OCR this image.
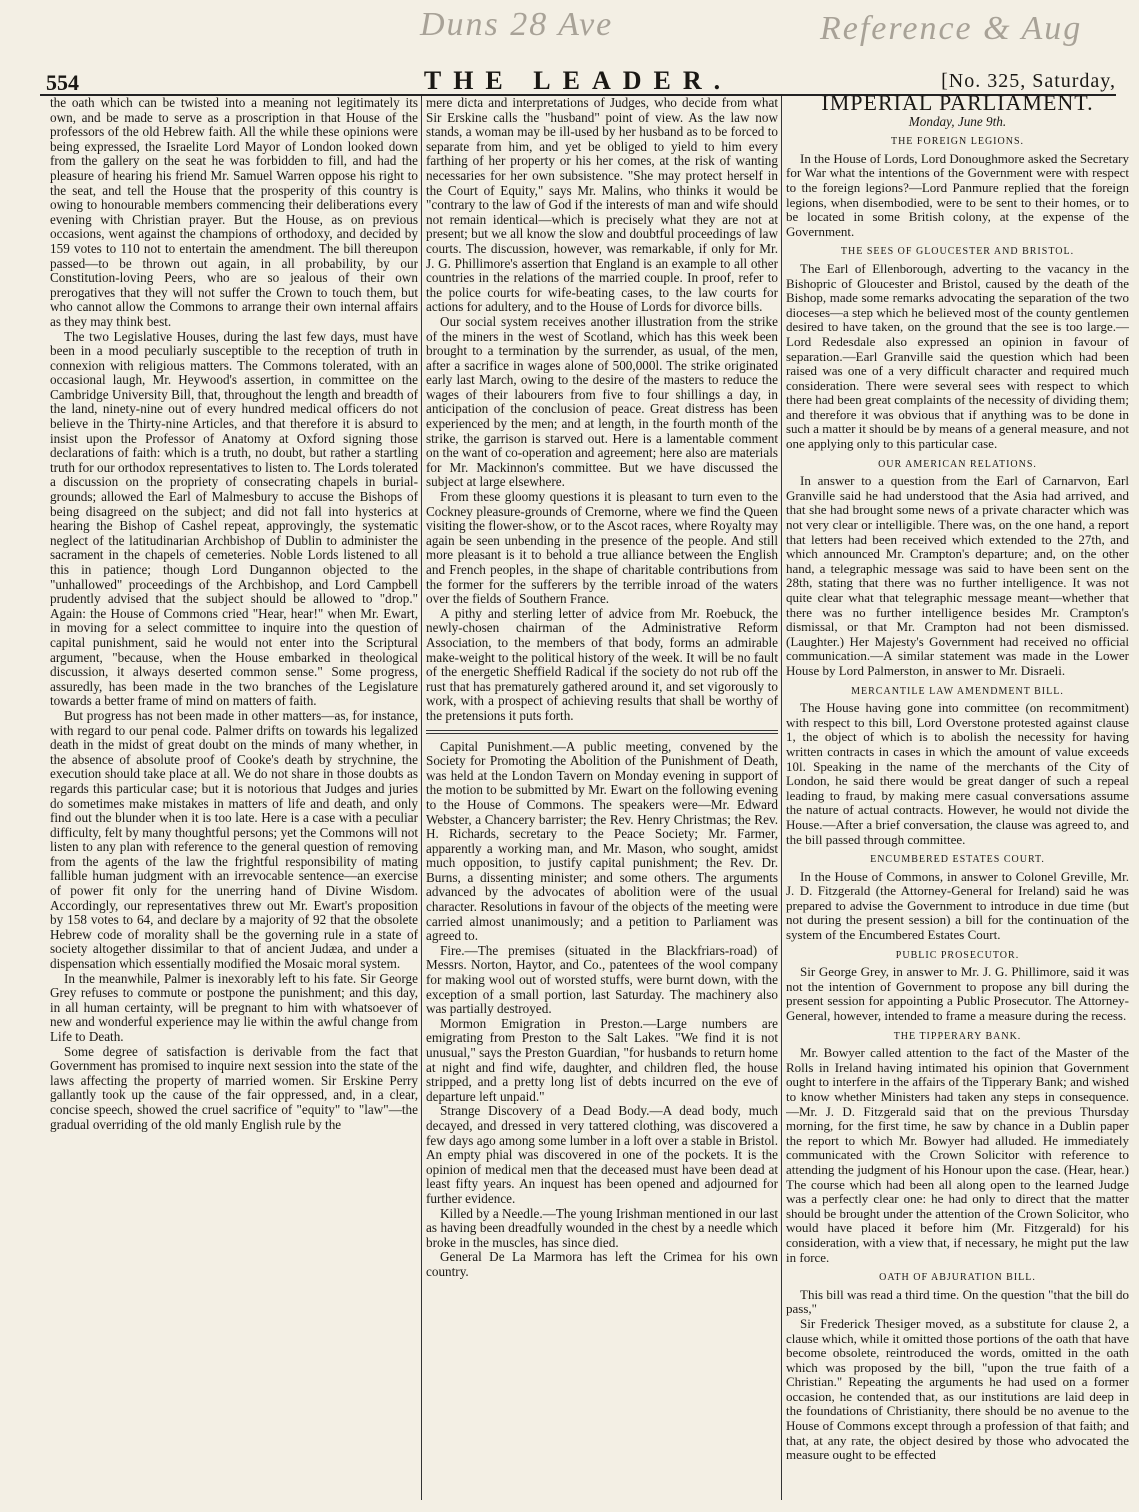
Duns 28 Ave	Reference & Aug
554	THE LEADER.	[No. 325, Saturday,

the oath which can be twisted into a meaning not legitimately its own, and be made to serve as a proscription in that House of the professors of the old Hebrew faith. All the while these opinions were being expressed, the Israelite Lord Mayor of London looked down from the gallery on the seat he was forbidden to fill, and had the pleasure of hearing his friend Mr. Samuel Warren oppose his right to the seat, and tell the House that the prosperity of this country is owing to honourable members commencing their deliberations every evening with Christian prayer. But the House, as on previous occasions, went against the champions of orthodoxy, and decided by 159 votes to 110 not to entertain the amendment. The bill thereupon passed—to be thrown out again, in all probability, by our Constitution-loving Peers, who are so jealous of their own prerogatives that they will not suffer the Crown to touch them, but who cannot allow the Commons to arrange their own internal affairs as they may think best.

The two Legislative Houses, during the last few days, must have been in a mood peculiarly susceptible to the reception of truth in connexion with religious matters. The Commons tolerated, with an occasional laugh, Mr. Heywood's assertion, in committee on the Cambridge University Bill, that, throughout the length and breadth of the land, ninety-nine out of every hundred medical officers do not believe in the Thirty-nine Articles, and that therefore it is absurd to insist upon the Professor of Anatomy at Oxford signing those declarations of faith: which is a truth, no doubt, but rather a startling truth for our orthodox representatives to listen to. The Lords tolerated a discussion on the propriety of consecrating chapels in burial-grounds; allowed the Earl of Malmesbury to accuse the Bishops of being disagreed on the subject; and did not fall into hysterics at hearing the Bishop of Cashel repeat, approvingly, the systematic neglect of the latitudinarian Archbishop of Dublin to administer the sacrament in the chapels of cemeteries. Noble Lords listened to all this in patience; though Lord Dungannon objected to the "unhallowed" proceedings of the Archbishop, and Lord Campbell prudently advised that the subject should be allowed to "drop." Again: the House of Commons cried "Hear, hear!" when Mr. Ewart, in moving for a select committee to inquire into the question of capital punishment, said he would not enter into the Scriptural argument, "because, when the House embarked in theological discussion, it always deserted common sense." Some progress, assuredly, has been made in the two branches of the Legislature towards a better frame of mind on matters of faith.

But progress has not been made in other matters—as, for instance, with regard to our penal code. Palmer drifts on towards his legalized death in the midst of great doubt on the minds of many whether, in the absence of absolute proof of Cooke's death by strychnine, the execution should take place at all. We do not share in those doubts as regards this particular case; but it is notorious that Judges and juries do sometimes make mistakes in matters of life and death, and only find out the blunder when it is too late. Here is a case with a peculiar difficulty, felt by many thoughtful persons; yet the Commons will not listen to any plan with reference to the general question of removing from the agents of the law the frightful responsibility of mating fallible human judgment with an irrevocable sentence—an exercise of power fit only for the unerring hand of Divine Wisdom. Accordingly, our representatives threw out Mr. Ewart's proposition by 158 votes to 64, and declare by a majority of 92 that the obsolete Hebrew code of morality shall be the governing rule in a state of society altogether dissimilar to that of ancient Judæa, and under a dispensation which essentially modified the Mosaic moral system.

In the meanwhile, Palmer is inexorably left to his fate. Sir George Grey refuses to commute or postpone the punishment; and this day, in all human certainty, will be pregnant to him with whatsoever of new and wonderful experience may lie within the awful change from Life to Death.

Some degree of satisfaction is derivable from the fact that Government has promised to inquire next session into the state of the laws affecting the property of married women. Sir Erskine Perry gallantly took up the cause of the fair oppressed, and, in a clear, concise speech, showed the cruel sacrifice of "equity" to "law"—the gradual overriding of the old manly English rule by the

mere dicta and interpretations of Judges, who decide from what Sir Erskine calls the "husband" point of view. As the law now stands, a woman may be ill-used by her husband as to be forced to separate from him, and yet be obliged to yield to him every farthing of her property or his her comes, at the risk of wanting necessaries for her own subsistence. "She may protect herself in the Court of Equity," says Mr. Malins, who thinks it would be "contrary to the law of God if the interests of man and wife should not remain identical—which is precisely what they are not at present; but we all know the slow and doubtful proceedings of law courts. The discussion, however, was remarkable, if only for Mr. J. G. Phillimore's assertion that England is an example to all other countries in the relations of the married couple. In proof, refer to the police courts for wife-beating cases, to the law courts for actions for adultery, and to the House of Lords for divorce bills.

Our social system receives another illustration from the strike of the miners in the west of Scotland, which has this week been brought to a termination by the surrender, as usual, of the men, after a sacrifice in wages alone of 500,000l. The strike originated early last March, owing to the desire of the masters to reduce the wages of their labourers from five to four shillings a day, in anticipation of the conclusion of peace. Great distress has been experienced by the men; and at length, in the fourth month of the strike, the garrison is starved out. Here is a lamentable comment on the want of co-operation and agreement; here also are materials for Mr. Mackinnon's committee. But we have discussed the subject at large elsewhere.

From these gloomy questions it is pleasant to turn even to the Cockney pleasure-grounds of Cremorne, where we find the Queen visiting the flower-show, or to the Ascot races, where Royalty may again be seen unbending in the presence of the people. And still more pleasant is it to behold a true alliance between the English and French peoples, in the shape of charitable contributions from the former for the sufferers by the terrible inroad of the waters over the fields of Southern France.

A pithy and sterling letter of advice from Mr. Roebuck, the newly-chosen chairman of the Administrative Reform Association, to the members of that body, forms an admirable make-weight to the political history of the week. It will be no fault of the energetic Sheffield Radical if the society do not rub off the rust that has prematurely gathered around it, and set vigorously to work, with a prospect of achieving results that shall be worthy of the pretensions it puts forth.

Capital Punishment.—A public meeting, convened by the Society for Promoting the Abolition of the Punishment of Death, was held at the London Tavern on Monday evening in support of the motion to be submitted by Mr. Ewart on the following evening to the House of Commons. The speakers were—Mr. Edward Webster, a Chancery barrister; the Rev. Henry Christmas; the Rev. H. Richards, secretary to the Peace Society; Mr. Farmer, apparently a working man, and Mr. Mason, who sought, amidst much opposition, to justify capital punishment; the Rev. Dr. Burns, a dissenting minister; and some others. The arguments advanced by the advocates of abolition were of the usual character. Resolutions in favour of the objects of the meeting were carried almost unanimously; and a petition to Parliament was agreed to.

Fire.—The premises (situated in the Blackfriars-road) of Messrs. Norton, Haytor, and Co., patentees of the wool company for making wool out of worsted stuffs, were burnt down, with the exception of a small portion, last Saturday. The machinery also was partially destroyed.

Mormon Emigration in Preston.—Large numbers are emigrating from Preston to the Salt Lakes. "We find it is not unusual," says the Preston Guardian, "for husbands to return home at night and find wife, daughter, and children fled, the house stripped, and a pretty long list of debts incurred on the eve of departure left unpaid."

Strange Discovery of a Dead Body.—A dead body, much decayed, and dressed in very tattered clothing, was discovered a few days ago among some lumber in a loft over a stable in Bristol. An empty phial was discovered in one of the pockets. It is the opinion of medical men that the deceased must have been dead at least fifty years. An inquest has been opened and adjourned for further evidence.

Killed by a Needle.—The young Irishman mentioned in our last as having been dreadfully wounded in the chest by a needle which broke in the muscles, has since died.

General De La Marmora has left the Crimea for his own country.

IMPERIAL PARLIAMENT.
Monday, June 9th.
THE FOREIGN LEGIONS.

In the House of Lords, Lord Donoughmore asked the Secretary for War what the intentions of the Government were with respect to the foreign legions?—Lord Panmure replied that the foreign legions, when disembodied, were to be sent to their homes, or to be located in some British colony, at the expense of the Government.

THE SEES OF GLOUCESTER AND BRISTOL.

The Earl of Ellenborough, adverting to the vacancy in the Bishopric of Gloucester and Bristol, caused by the death of the Bishop, made some remarks advocating the separation of the two dioceses—a step which he believed most of the county gentlemen desired to have taken, on the ground that the see is too large.—Lord Redesdale also expressed an opinion in favour of separation.—Earl Granville said the question which had been raised was one of a very difficult character and required much consideration. There were several sees with respect to which there had been great complaints of the necessity of dividing them; and therefore it was obvious that if anything was to be done in such a matter it should be by means of a general measure, and not one applying only to this particular case.

OUR AMERICAN RELATIONS.

In answer to a question from the Earl of Carnarvon, Earl Granville said he had understood that the Asia had arrived, and that she had brought some news of a private character which was not very clear or intelligible. There was, on the one hand, a report that letters had been received which extended to the 27th, and which announced Mr. Crampton's departure; and, on the other hand, a telegraphic message was said to have been sent on the 28th, stating that there was no further intelligence. It was not quite clear what that telegraphic message meant—whether that there was no further intelligence besides Mr. Crampton's dismissal, or that Mr. Crampton had not been dismissed. (Laughter.) Her Majesty's Government had received no official communication.—A similar statement was made in the Lower House by Lord Palmerston, in answer to Mr. Disraeli.

MERCANTILE LAW AMENDMENT BILL.

The House having gone into committee (on recommitment) with respect to this bill, Lord Overstone protested against clause 1, the object of which is to abolish the necessity for having written contracts in cases in which the amount of value exceeds 10l. Speaking in the name of the merchants of the City of London, he said there would be great danger of such a repeal leading to fraud, by making mere casual conversations assume the nature of actual contracts. However, he would not divide the House.—After a brief conversation, the clause was agreed to, and the bill passed through committee.

ENCUMBERED ESTATES COURT.

In the House of Commons, in answer to Colonel Greville, Mr. J. D. Fitzgerald (the Attorney-General for Ireland) said he was prepared to advise the Government to introduce in due time (but not during the present session) a bill for the continuation of the system of the Encumbered Estates Court.

PUBLIC PROSECUTOR.

Sir George Grey, in answer to Mr. J. G. Phillimore, said it was not the intention of Government to propose any bill during the present session for appointing a Public Prosecutor. The Attorney-General, however, intended to frame a measure during the recess.

THE TIPPERARY BANK.

Mr. Bowyer called attention to the fact of the Master of the Rolls in Ireland having intimated his opinion that Government ought to interfere in the affairs of the Tipperary Bank; and wished to know whether Ministers had taken any steps in consequence.—Mr. J. D. Fitzgerald said that on the previous Thursday morning, for the first time, he saw by chance in a Dublin paper the report to which Mr. Bowyer had alluded. He immediately communicated with the Crown Solicitor with reference to attending the judgment of his Honour upon the case. (Hear, hear.) The course which had been all along open to the learned Judge was a perfectly clear one: he had only to direct that the matter should be brought under the attention of the Crown Solicitor, who would have placed it before him (Mr. Fitzgerald) for his consideration, with a view that, if necessary, he might put the law in force.

OATH OF ABJURATION BILL.

This bill was read a third time. On the question "that the bill do pass,"

Sir Frederick Thesiger moved, as a substitute for clause 2, a clause which, while it omitted those portions of the oath that have become obsolete, reintroduced the words, omitted in the oath which was proposed by the bill, "upon the true faith of a Christian." Repeating the arguments he had used on a former occasion, he contended that, as our institutions are laid deep in the foundations of Christianity, there should be no avenue to the House of Commons except through a profession of that faith; and that, at any rate, the object desired by those who advocated the measure ought to be effected
